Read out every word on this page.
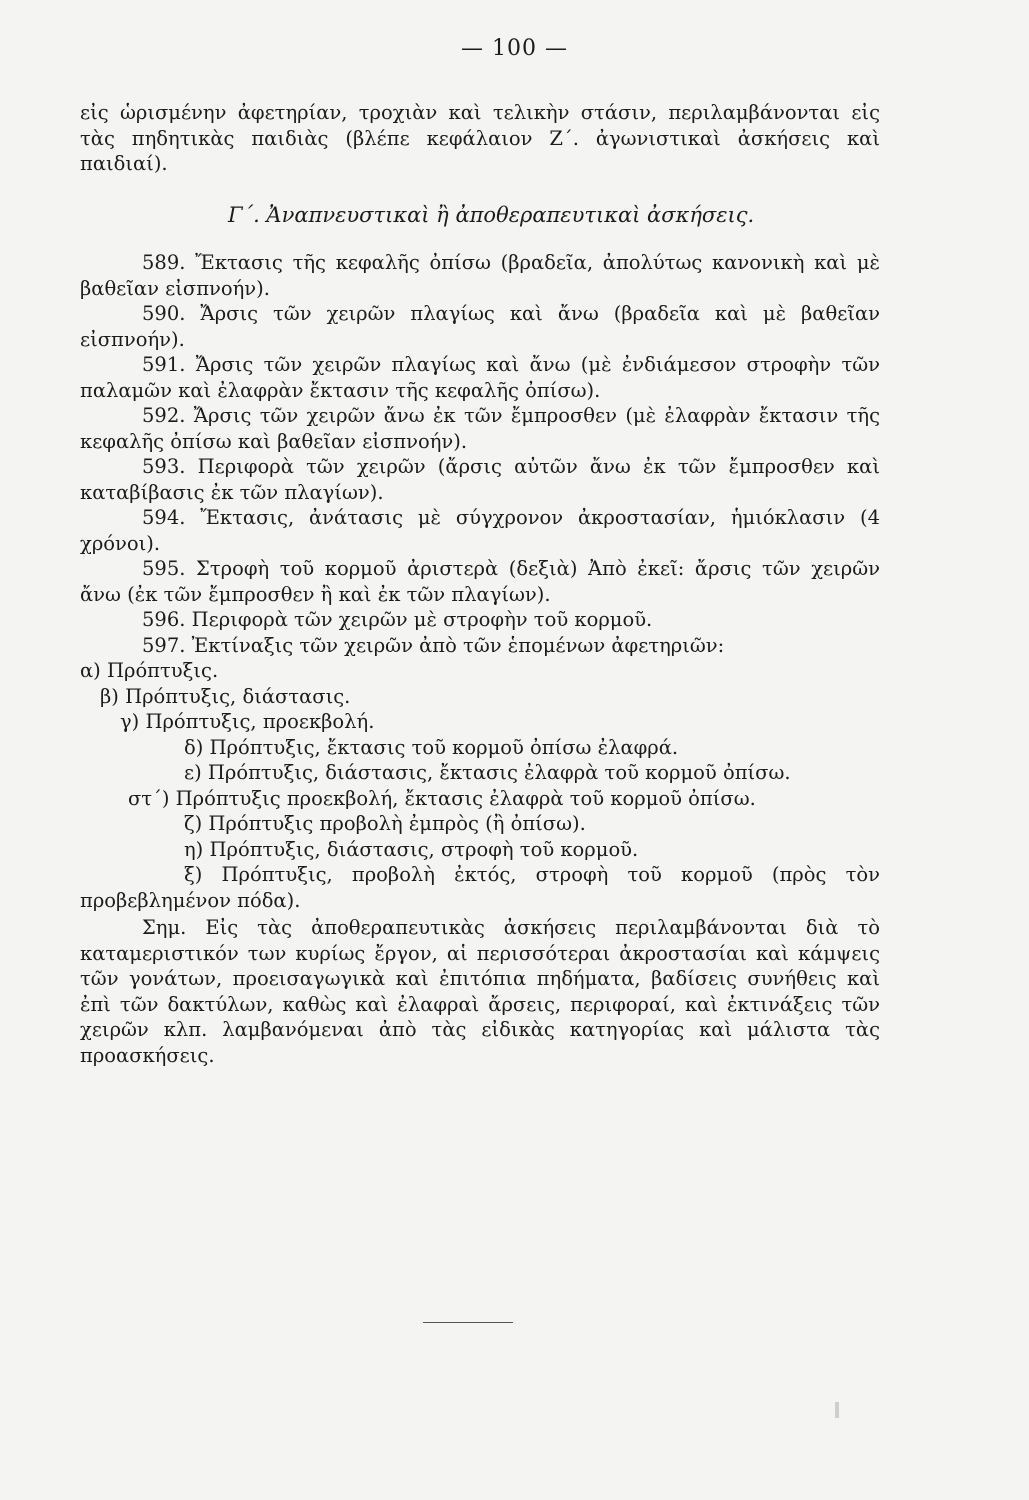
— 100 —

εἰς ὡρισμένην ἀφετηρίαν, τροχιὰν καὶ τελικὴν στάσιν, περιλαμβάνονται εἰς τὰς πηδητικὰς παιδιὰς (βλέπε κεφάλαιον Ζ΄. ἀγωνιστικαὶ ἀσκήσεις καὶ παιδιαί).

Γ΄. Ἀναπνευστικαὶ ἢ ἀποθεραπευτικαὶ ἀσκήσεις.

589. Ἔκτασις τῆς κεφαλῆς ὀπίσω (βραδεῖα, ἀπολύτως κανονικὴ καὶ μὲ βαθεῖαν εἰσπνοήν).

590. Ἄρσις τῶν χειρῶν πλαγίως καὶ ἄνω (βραδεῖα καὶ μὲ βαθεῖαν εἰσπνοήν).

591. Ἄρσις τῶν χειρῶν πλαγίως καὶ ἄνω (μὲ ἐνδιάμεσον στροφὴν τῶν παλαμῶν καὶ ἐλαφρὰν ἔκτασιν τῆς κεφαλῆς ὀπίσω).

592. Ἄρσις τῶν χειρῶν ἄνω ἐκ τῶν ἔμπροσθεν (μὲ ἐλαφρὰν ἔκτασιν τῆς κεφαλῆς ὀπίσω καὶ βαθεῖαν εἰσπνοήν).

593. Περιφορὰ τῶν χειρῶν (ἄρσις αὐτῶν ἄνω ἐκ τῶν ἔμπροσθεν καὶ καταβίβασις ἐκ τῶν πλαγίων).

594. Ἔκτασις, ἀνάτασις μὲ σύγχρονον ἀκροστασίαν, ἡμιόκλασιν (4 χρόνοι).

595. Στροφὴ τοῦ κορμοῦ ἀριστερὰ (δεξιὰ) Ἀπὸ ἐκεῖ: ἄρσις τῶν χειρῶν ἄνω (ἐκ τῶν ἔμπροσθεν ἢ καὶ ἐκ τῶν πλαγίων).

596. Περιφορὰ τῶν χειρῶν μὲ στροφὴν τοῦ κορμοῦ.

597. Ἐκτίναξις τῶν χειρῶν ἀπὸ τῶν ἑπομένων ἀφετηριῶν:

α) Πρόπτυξις.

β) Πρόπτυξις, διάστασις.

γ) Πρόπτυξις, προεκβολή.

δ) Πρόπτυξις, ἔκτασις τοῦ κορμοῦ ὀπίσω ἐλαφρά.

ε) Πρόπτυξις, διάστασις, ἔκτασις ἐλαφρὰ τοῦ κορμοῦ ὀπίσω.

στ΄) Πρόπτυξις προεκβολή, ἔκτασις ἐλαφρὰ τοῦ κορμοῦ ὀπίσω.

ζ) Πρόπτυξις προβολὴ ἐμπρὸς (ἢ ὀπίσω).

η) Πρόπτυξις, διάστασις, στροφὴ τοῦ κορμοῦ.

ξ) Πρόπτυξις, προβολὴ ἐκτός, στροφὴ τοῦ κορμοῦ (πρὸς τὸν προβεβλημένον πόδα).

Σημ. Εἰς τὰς ἀποθεραπευτικὰς ἀσκήσεις περιλαμβάνονται διὰ τὸ καταμεριστικόν των κυρίως ἔργον, αἱ περισσότεραι ἀκροστασίαι καὶ κάμψεις τῶν γονάτων, προεισαγωγικὰ καὶ ἐπιτόπια πηδήματα, βαδίσεις συνήθεις καὶ ἐπὶ τῶν δακτύλων, καθὼς καὶ ἐλαφραὶ ἄρσεις, περιφοραί, καὶ ἐκτινάξεις τῶν χειρῶν κλπ. λαμβανόμεναι ἀπὸ τὰς εἰδικὰς κατηγορίας καὶ μάλιστα τὰς προασκήσεις.
